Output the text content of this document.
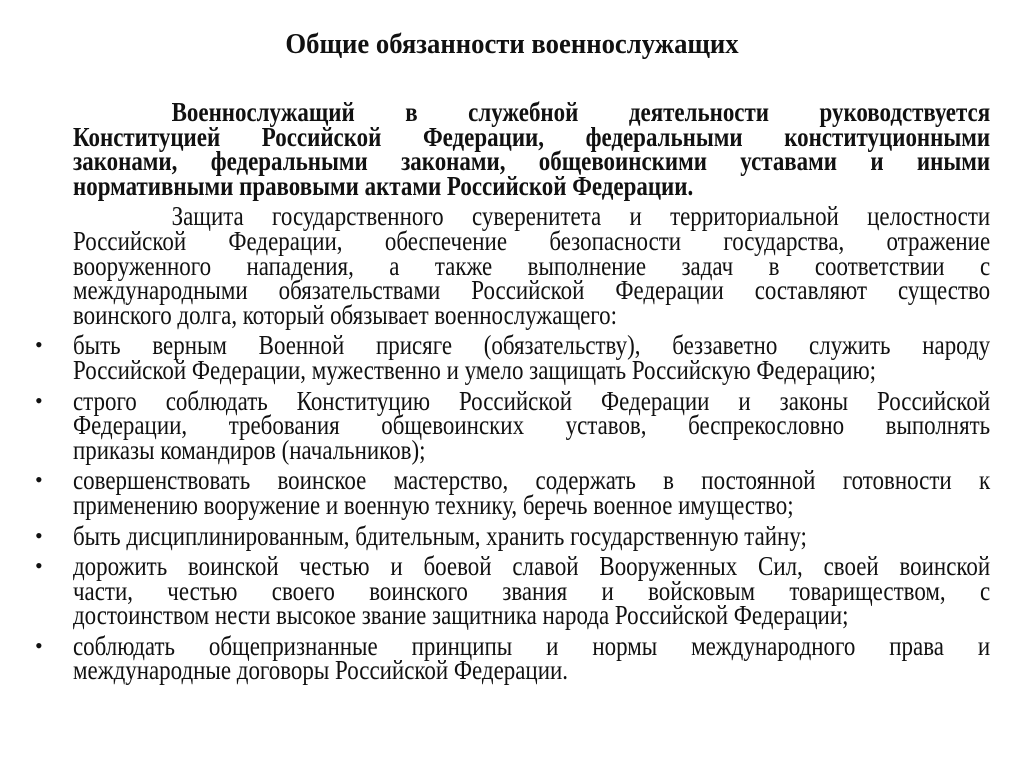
Общие обязанности военнослужащих
Военнослужащий в служебной деятельности руководствуется
Конституцией Российской Федерации, федеральными конституционными
законами, федеральными законами, общевоинскими уставами и иными
нормативными правовыми актами Российской Федерации.
Защита государственного суверенитета и территориальной целостности
Российской Федерации, обеспечение безопасности государства, отражение
вооруженного нападения, а также выполнение задач в соответствии с
международными обязательствами Российской Федерации составляют существо
воинского долга, который обязывает военнослужащего:
• быть верным Военной присяге (обязательству), беззаветно служить народу
Российской Федерации, мужественно и умело защищать Российскую Федерацию;
• строго соблюдать Конституцию Российской Федерации и законы Российской
Федерации, требования общевоинских уставов, беспрекословно выполнять
приказы командиров (начальников);
• совершенствовать воинское мастерство, содержать в постоянной готовности к
применению вооружение и военную технику, беречь военное имущество;
• быть дисциплинированным, бдительным, хранить государственную тайну;
• дорожить воинской честью и боевой славой Вооруженных Сил, своей воинской
части, честью своего воинского звания и войсковым товариществом, с
достоинством нести высокое звание защитника народа Российской Федерации;
• соблюдать общепризнанные принципы и нормы международного права и
международные договоры Российской Федерации.
